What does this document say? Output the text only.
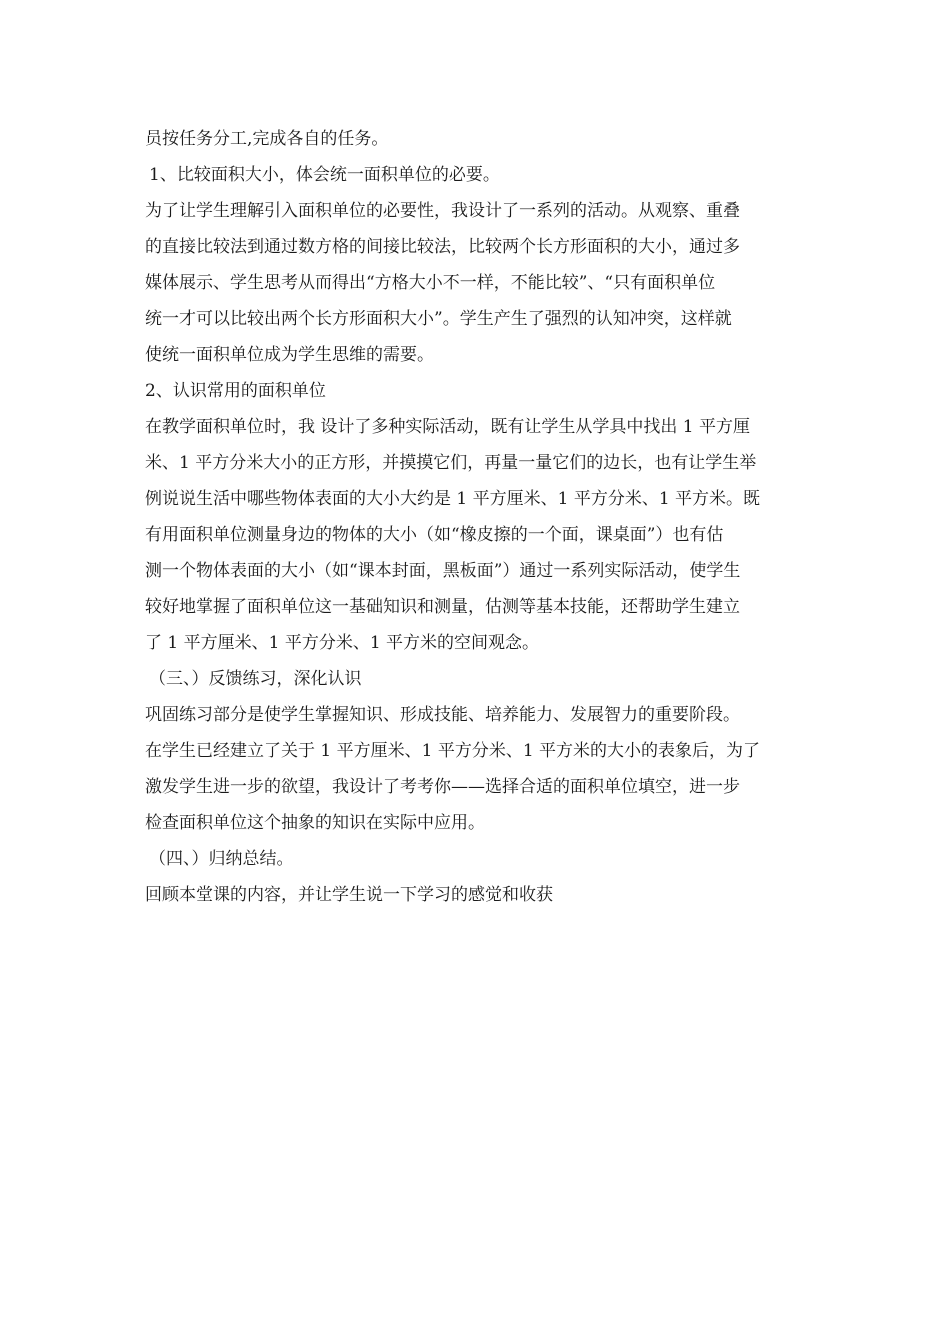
员按任务分工,完成各自的任务。
1、比较面积大小，体会统一面积单位的必要。
为了让学生理解引入面积单位的必要性，我设计了一系列的活动。从观察、重叠
的直接比较法到通过数方格的间接比较法，比较两个长方形面积的大小，通过多
媒体展示、学生思考从而得出“方格大小不一样，不能比较”、“只有面积单位
统一才可以比较出两个长方形面积大小”。学生产生了强烈的认知冲突，这样就
使统一面积单位成为学生思维的需要。
2、认识常用的面积单位
在教学面积单位时，我 设计了多种实际活动，既有让学生从学具中找出 1 平方厘
米、1 平方分米大小的正方形，并摸摸它们，再量一量它们的边长，也有让学生举
例说说生活中哪些物体表面的大小大约是 1 平方厘米、1 平方分米、1 平方米。既
有用面积单位测量身边的物体的大小（如“橡皮擦的一个面，课桌面”）也有估
测一个物体表面的大小（如“课本封面，黑板面”）通过一系列实际活动，使学生
较好地掌握了面积单位这一基础知识和测量，估测等基本技能，还帮助学生建立
了 1 平方厘米、1 平方分米、1 平方米的空间观念。
（三、）反馈练习，深化认识
巩固练习部分是使学生掌握知识、形成技能、培养能力、发展智力的重要阶段。
在学生已经建立了关于 1 平方厘米、1 平方分米、1 平方米的大小的表象后，为了
激发学生进一步的欲望，我设计了考考你——选择合适的面积单位填空，进一步
检查面积单位这个抽象的知识在实际中应用。
（四、）归纳总结。
回顾本堂课的内容，并让学生说一下学习的感觉和收获
